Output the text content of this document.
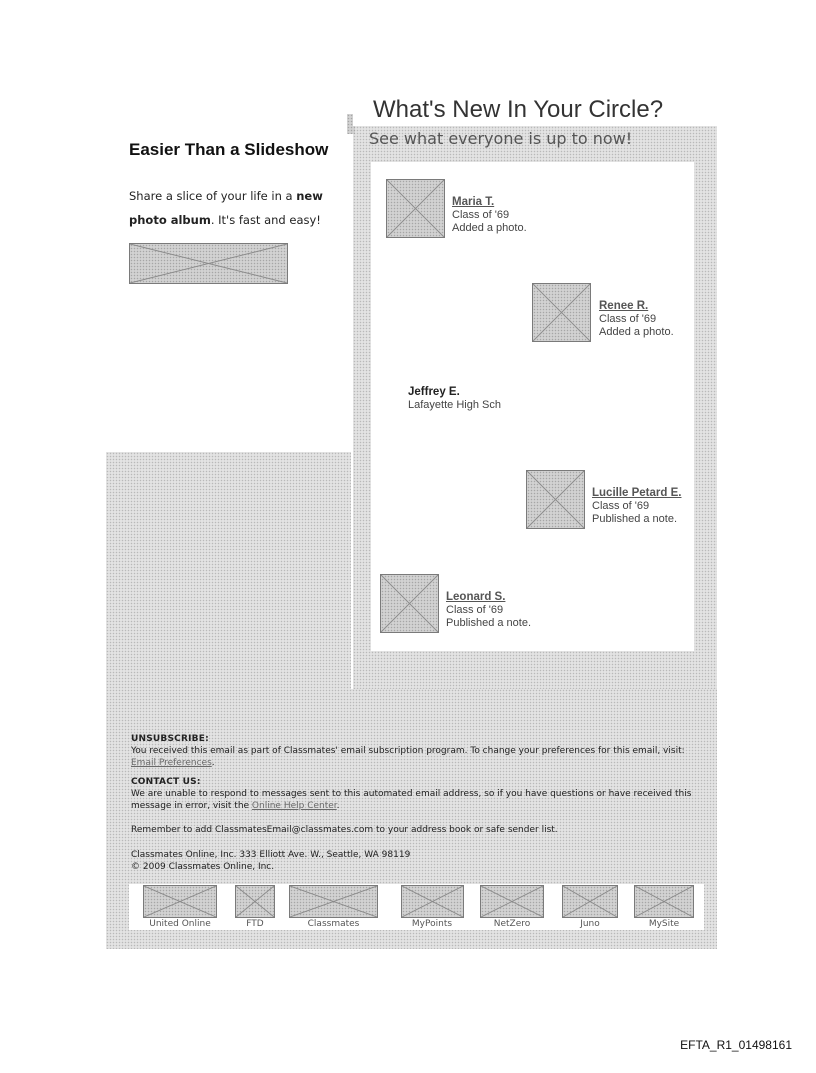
Easier Than a Slideshow
Share a slice of your life in a new photo album. It's fast and easy!
What's New In Your Circle?
See what everyone is up to now!
Maria T.
Class of '69
Added a photo.
Renee R.
Class of '69
Added a photo.
Jeffrey E.
Lafayette High Sch
Lucille Petard E.
Class of '69
Published a note.
Leonard S.
Class of '69
Published a note.
UNSUBSCRIBE:
You received this email as part of Classmates' email subscription program. To change your preferences for this email, visit: Email Preferences.
CONTACT US:
We are unable to respond to messages sent to this automated email address, so if you have questions or have received this message in error, visit the Online Help Center.
Remember to add ClassmatesEmail@classmates.com to your address book or safe sender list.
Classmates Online, Inc. 333 Elliott Ave. W., Seattle, WA 98119
© 2009 Classmates Online, Inc.
United Online	FTD	Classmates	MyPoints	NetZero	Juno	MySite
EFTA_R1_01498161
